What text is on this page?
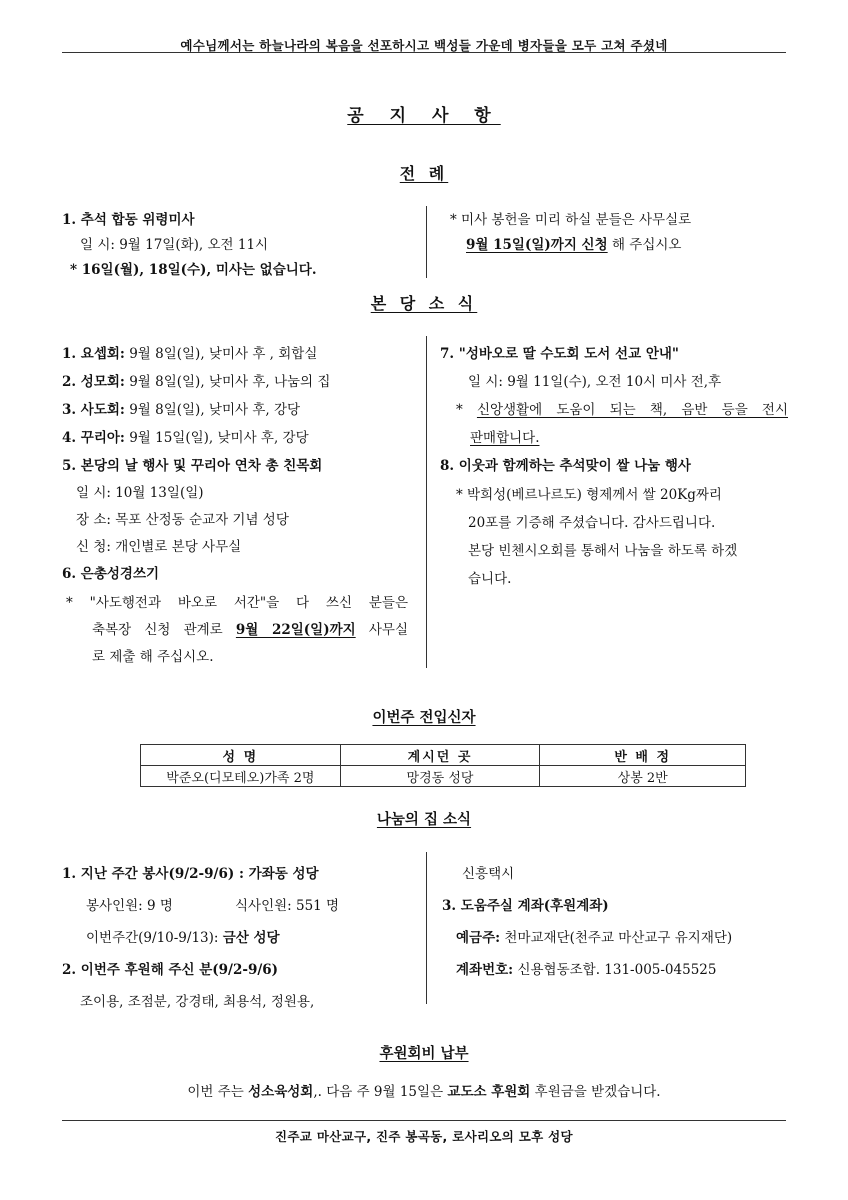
예수님께서는 하늘나라의 복음을 선포하시고 백성들 가운데 병자들을 모두 고쳐 주셨네
공 지 사 항
전 례
1. 추석 합동 위령미사
일 시: 9월 17일(화), 오전 11시
* 16일(월), 18일(수), 미사는 없습니다.
* 미사 봉헌을 미리 하실 분들은 사무실로
9월 15일(일)까지 신청 해 주십시오
본 당 소 식
1. 요셉회: 9월 8일(일), 낮미사 후 , 회합실
2. 성모회: 9월 8일(일), 낮미사 후, 나눔의 집
3. 사도회: 9월 8일(일), 낮미사 후, 강당
4. 꾸리아: 9월 15일(일), 낮미사 후, 강당
5. 본당의 날 행사 및 꾸리아 연차 총 친목회
일 시: 10월 13일(일)
장 소: 목포 산정동 순교자 기념 성당
신 청: 개인별로 본당 사무실
6. 은총성경쓰기
* "사도행전과 바오로 서간"을 다 쓰신 분들은
축복장 신청 관계로 9월 22일(일)까지 사무실
로 제출 해 주십시오.
7. "성바오로 딸 수도회 도서 선교 안내"
일 시: 9월 11일(수), 오전 10시 미사 전,후
* 신앙생활에 도움이 되는 책, 음반 등을 전시
판매합니다.
8. 이웃과 함께하는 추석맞이 쌀 나눔 행사
* 박희성(베르나르도) 형제께서 쌀 20Kg짜리
20포를 기증해 주셨습니다. 감사드립니다.
본당 빈첸시오회를 통해서 나눔을 하도록 하겠
습니다.
이번주 전입신자
성 명	계시던 곳	반 배 정
박준오(디모테오)가족 2명	망경동 성당	상봉 2반
나눔의 집 소식
1. 지난 주간 봉사(9/2-9/6) : 가좌동 성당
봉사인원: 9 명	식사인원: 551 명
이번주간(9/10-9/13): 금산 성당
2. 이번주 후원해 주신 분(9/2-9/6)
조이용, 조점분, 강경태, 최용석, 정원용,
신흥택시
3. 도움주실 계좌(후원계좌)
예금주: 천마교재단(천주교 마산교구 유지재단)
계좌번호: 신용협동조합. 131-005-045525
후원회비 납부
이번 주는 성소육성회,. 다음 주 9월 15일은 교도소 후원회 후원금을 받겠습니다.
진주교 마산교구, 진주 봉곡동, 로사리오의 모후 성당
